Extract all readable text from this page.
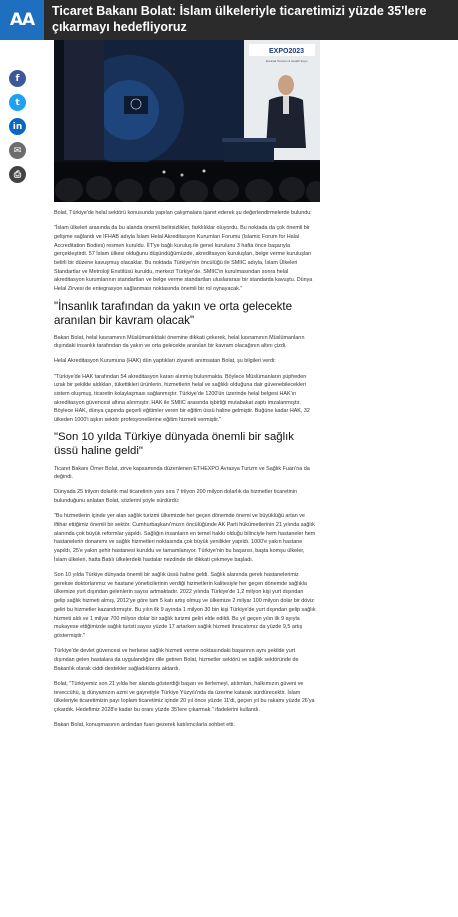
AA	Ticaret Bakanı Bolat: İslam ülkeleriyle ticaretimizi yüzde 35'lere çıkarmayı hedefliyoruz
f
t
in
✉
⎙
EXPO2023
Eurasia Tourism & Health Expo

Bolat, Türkiye'de helal sektörü konusunda yapılan çalışmalara işaret ederek şu değerlendirmelerde bulundu:

"İslam ülkeleri arasında da bu alanda önemli belirsizlikler, farklılıklar oluyordu. Bu noktada da çok önemli bir gelişme sağlandı ve IFHAB adıyla İslam Helal Akreditasyon Kurumları Forumu (Islamic Forum for Halal Accreditation Bodies) resmen kuruldu. İİT'ye bağlı kuruluş ile genel kurulunu 3 hafta önce başarıyla gerçekleştirdi. 57 İslam ülkesi olduğunu düşündüğümüzde, akreditasyon kuruluşları, belge verme kuruluşları belirli bir düzene kavuşmuş olacaklar. Bu noktada Türkiye'nin öncülüğü ile SMIIC adıyla, İslam Ülkeleri Standartlar ve Metroloji Enstitüsü kuruldu, merkezi Türkiye'de. SMIIC'in kurulmasından sonra helal akreditasyon kurumlarının standartları ve belge verme standartları uluslararası bir standarda kavuştu. Dünya Helal Zirvesi de entegrasyon sağlanması noktasında önemli bir rol oynayacak."

"İnsanlık tarafından da yakın ve orta gelecekte aranılan bir kavram olacak"

Bakan Bolat, helal kavramının Müslümanlıktaki önemine dikkati çekerek, helal kavramının Müslümanların dışındaki insanlık tarafından da yakın ve orta gelecekte aranılan bir kavram olacağının altını çizdi.

Helal Akreditasyon Kurumuna (HAK) dün yaptıkları ziyareti anımsatan Bolat, şu bilgileri verdi:

"Türkiye'de HAK tarafından 54 akreditasyon kararı alınmış bulunmakta. Böylece Müslümanların şüpheden uzak bir şekilde aldıkları, tükettikleri ürünlerin, hizmetlerin helal ve sağlıklı olduğuna dair güvenebilecekleri sistem oluşmuş, ticaretin kolaylaşması sağlanmıştır. Türkiye'de 1200'ün üzerinde helal belgesi HAK'ın akreditasyon güvencesi altına alınmıştır. HAK ile SMIIC arasında işbirliği mutabakat zaptı imzalanmıştır. Böylece HAK, dünya çapında geçerli eğitimler veren bir eğitim üssü haline gelmiştir. Buğüne kadar HAK, 32 ülkeden 1000'i aşkın sektör profesyonellerine eğitim hizmeti vermiştir."

"Son 10 yılda Türkiye dünyada önemli bir sağlık üssü haline geldi"

Ticaret Bakanı Ömer Bolat, zirve kapsamında düzenlenen ETHEXPO Avrasya Turizm ve Sağlık Fuarı'na da değindi.

Dünyada 25 trilyon dolarlık mal ticaretinin yanı sıra 7 trilyon 200 milyon dolarlık da hizmetler ticaretinin bulunduğunu anlatan Bolat, sözlerini şöyle sürdürdü:

"Bu hizmetlerin içinde yer alan sağlık turizmi ülkemizde her geçen dönemde önemi ve büyüklüğü artan ve iftihar ettiğimiz önemli bir sektör. Cumhurbaşkanı'mızın öncülüğünde AK Parti hükümetlerinin 21 yılında sağlık alanında çok büyük reformlar yapıldı. Sağlığın insanların en temel hakkı olduğu bilinciyle hem hastaneler hem hastanelerin donanımı ve sağlık hizmetleri noktasında çok büyük yenilikler yapıldı. 1000'e yakın hastane yapıldı, 25'e yakın şehir hastanesi kuruldu ve tamamlanıyor. Türkiye'nin bu başarısı, başta komşu ülkeler, İslam ülkeleri, hatta Batılı ülkelerdeki hastalar nezdinde de dikkati çekmeye başladı.

Son 10 yılda Türkiye dünyada önemli bir sağlık üssü haline geldi. Sağlık alanında gerek hastanelerimiz gerekse doktorlarımız ve hastane yöneticilerinin verdiği hizmetlerin kalitesiyle her geçen dönemde sağlıkla ülkemize yurt dışından gelenlerin sayısı artmaktadır. 2022 yılında Türkiye'de 1,2 milyon kişi yurt dışından gelip sağlık hizmeti almış, 2012'ye göre tam 5 katı artış olmuş ve ülkemize 2 milyar 100 milyon dolar bir döviz geliri bu hizmetler kazandırmıştır. Bu yılın ilk 9 ayında 1 milyon 30 bin kişi Türkiye'de yurt dışından gelip sağlık hizmeti aldı ve 1 milyar 700 milyon dolar bir sağlık turizmi geliri elde edildi. Bu yıl geçen yılın ilk 9 ayıyla mukayese ettiğimizde sağlık turisti sayısı yüzde 17 artarken sağlık hizmeti ihracatımız da yüzde 9,5 artış göstermiştir."

Türkiye'de devlet güvencesi ve herkese sağlık hizmeti verme noktasındaki başarının aynı şekilde yurt dışından gelen hastalara da uygulandığını dile getiren Bolat, hizmetler sektörü ve sağlık sektöründe de Bakanlık olarak ciddi destekler sağladıklarını aktardı.

Bolat, "Türkiyemiz son 21 yılda her alanda gösterdiği başarı ve ilerlemeyi, atılımları, halkımızın güveni ve teveccühü, iş dünyamızın azmi ve gayretiyle Türkiye Yüzyılı'nda da üzerine katarak sürdürecektir. İslam ülkeleriyle ticaretimizin payı toplam ticaretimiz içinde 20 yıl önce yüzde 11'di, geçen yıl bu rakamı yüzde 26'ya çıkardık. Hedefimiz 2028'e kadar bu oranı yüzde 35'lere çıkarmak." ifadelerini kullandı.

Bakan Bolat, konuşmasının ardından fuarı gezerek katılımcılarla sohbet etti.
